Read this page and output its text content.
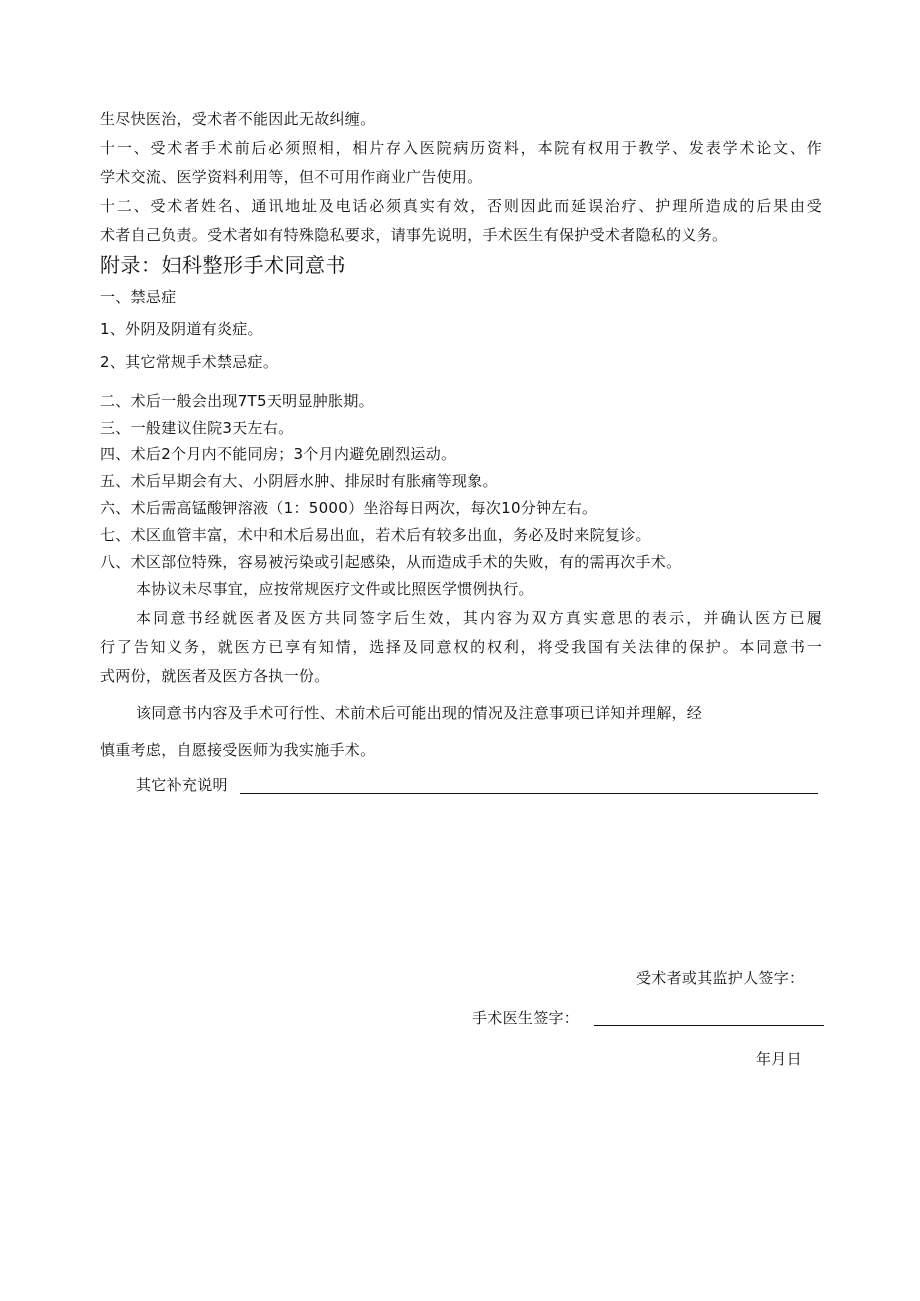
生尽快医治，受术者不能因此无故纠缠。
十一、受术者手术前后必须照相，相片存入医院病历资料，本院有权用于教学、发表学术论文、作
学术交流、医学资料利用等，但不可用作商业广告使用。
十二、受术者姓名、通讯地址及电话必须真实有效，否则因此而延误治疗、护理所造成的后果由受
术者自己负责。受术者如有特殊隐私要求，请事先说明，手术医生有保护受术者隐私的义务。
附录：妇科整形手术同意书
一、禁忌症
1、外阴及阴道有炎症。
2、其它常规手术禁忌症。
二、术后一般会出现7T5天明显肿胀期。
三、一般建议住院3天左右。
四、术后2个月内不能同房；3个月内避免剧烈运动。
五、术后早期会有大、小阴唇水肿、排尿时有胀痛等现象。
六、术后需高锰酸钾溶液（1：5000）坐浴每日两次，每次10分钟左右。
七、术区血管丰富，术中和术后易出血，若术后有较多出血，务必及时来院复诊。
八、术区部位特殊，容易被污染或引起感染，从而造成手术的失败，有的需再次手术。
本协议未尽事宜，应按常规医疗文件或比照医学惯例执行。
本同意书经就医者及医方共同签字后生效，其内容为双方真实意思的表示，并确认医方已履
行了告知义务，就医方已享有知情，选择及同意权的权利，将受我国有关法律的保护。本同意书一
式两份，就医者及医方各执一份。
该同意书内容及手术可行性、术前术后可能出现的情况及注意事项已详知并理解，经
慎重考虑，自愿接受医师为我实施手术。
其它补充说明
受术者或其监护人签字：
手术医生签字：
年月日
